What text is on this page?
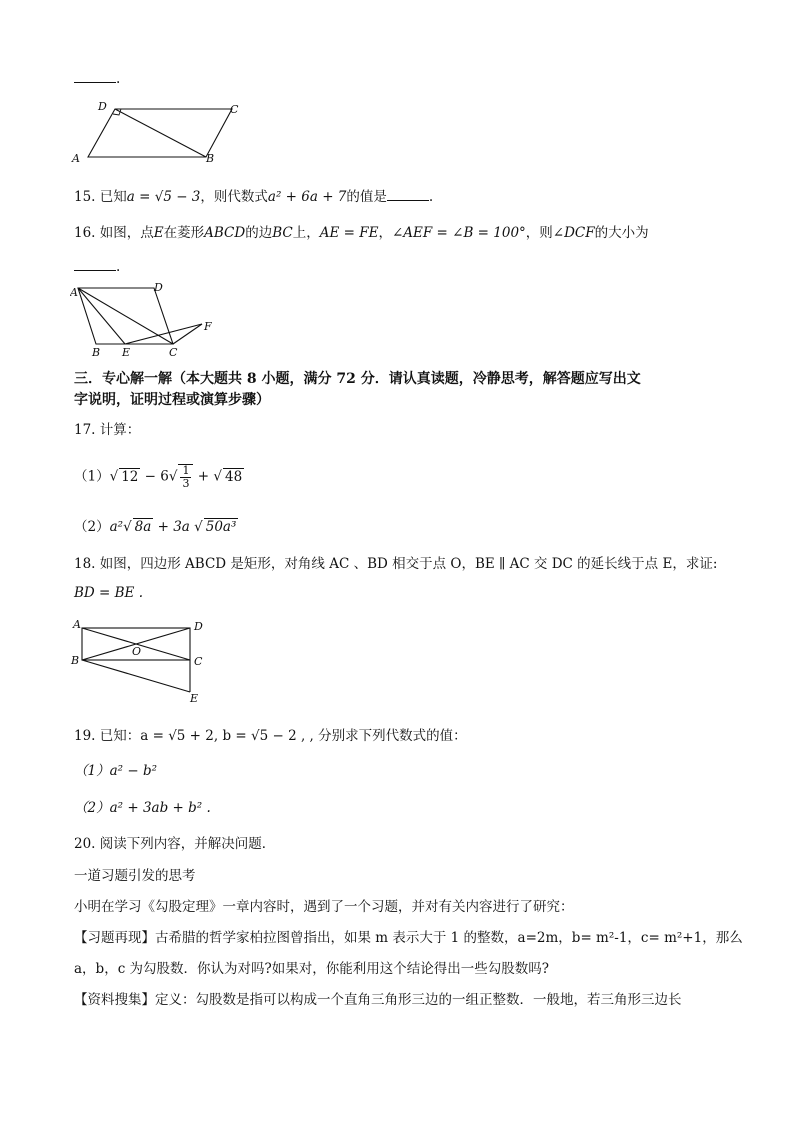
.
D	C
A	B
15. 已知a = √5 − 3，则代数式a² + 6a + 7的值是	.
16. 如图，点E在菱形ABCD的边BC上，AE = FE，∠AEF = ∠B = 100°，则∠DCF的大小为
.
A	D
F
B E	C
三．专心解一解（本大题共 8 小题，满分 72 分．请认真读题，冷静思考，解答题应写出文
字说明，证明过程或演算步骤）
17. 计算：
（1）√ $12 - 6√ \frac{1}{3}$ + √ 48
（2）a²√ 8a + 3a √ 50a³
18. 如图，四边形 ABCD 是矩形，对角线 AC 、BD 相交于点 O，BE ∥ AC 交 DC 的延长线于点 E，求证:
BD = BE .
A	D
B	C
O
E
19. 已知：a = √5 + 2, b = √5 − 2 , , 分别求下列代数式的值：
（1）a² − b²
（2）a² + 3ab + b² .
20. 阅读下列内容，并解决问题．
一道习题引发的思考
小明在学习《勾股定理》一章内容时，遇到了一个习题，并对有关内容进行了研究：
【习题再现】古希腊的哲学家柏拉图曾指出，如果 m 表示大于 1 的整数，a=2m，b= m²-1，c= m²+1，那么
a，b，c 为勾股数．你认为对吗?如果对，你能利用这个结论得出一些勾股数吗?
【资料搜集】定义：勾股数是指可以构成一个直角三角形三边的一组正整数．一般地，若三角形三边长
